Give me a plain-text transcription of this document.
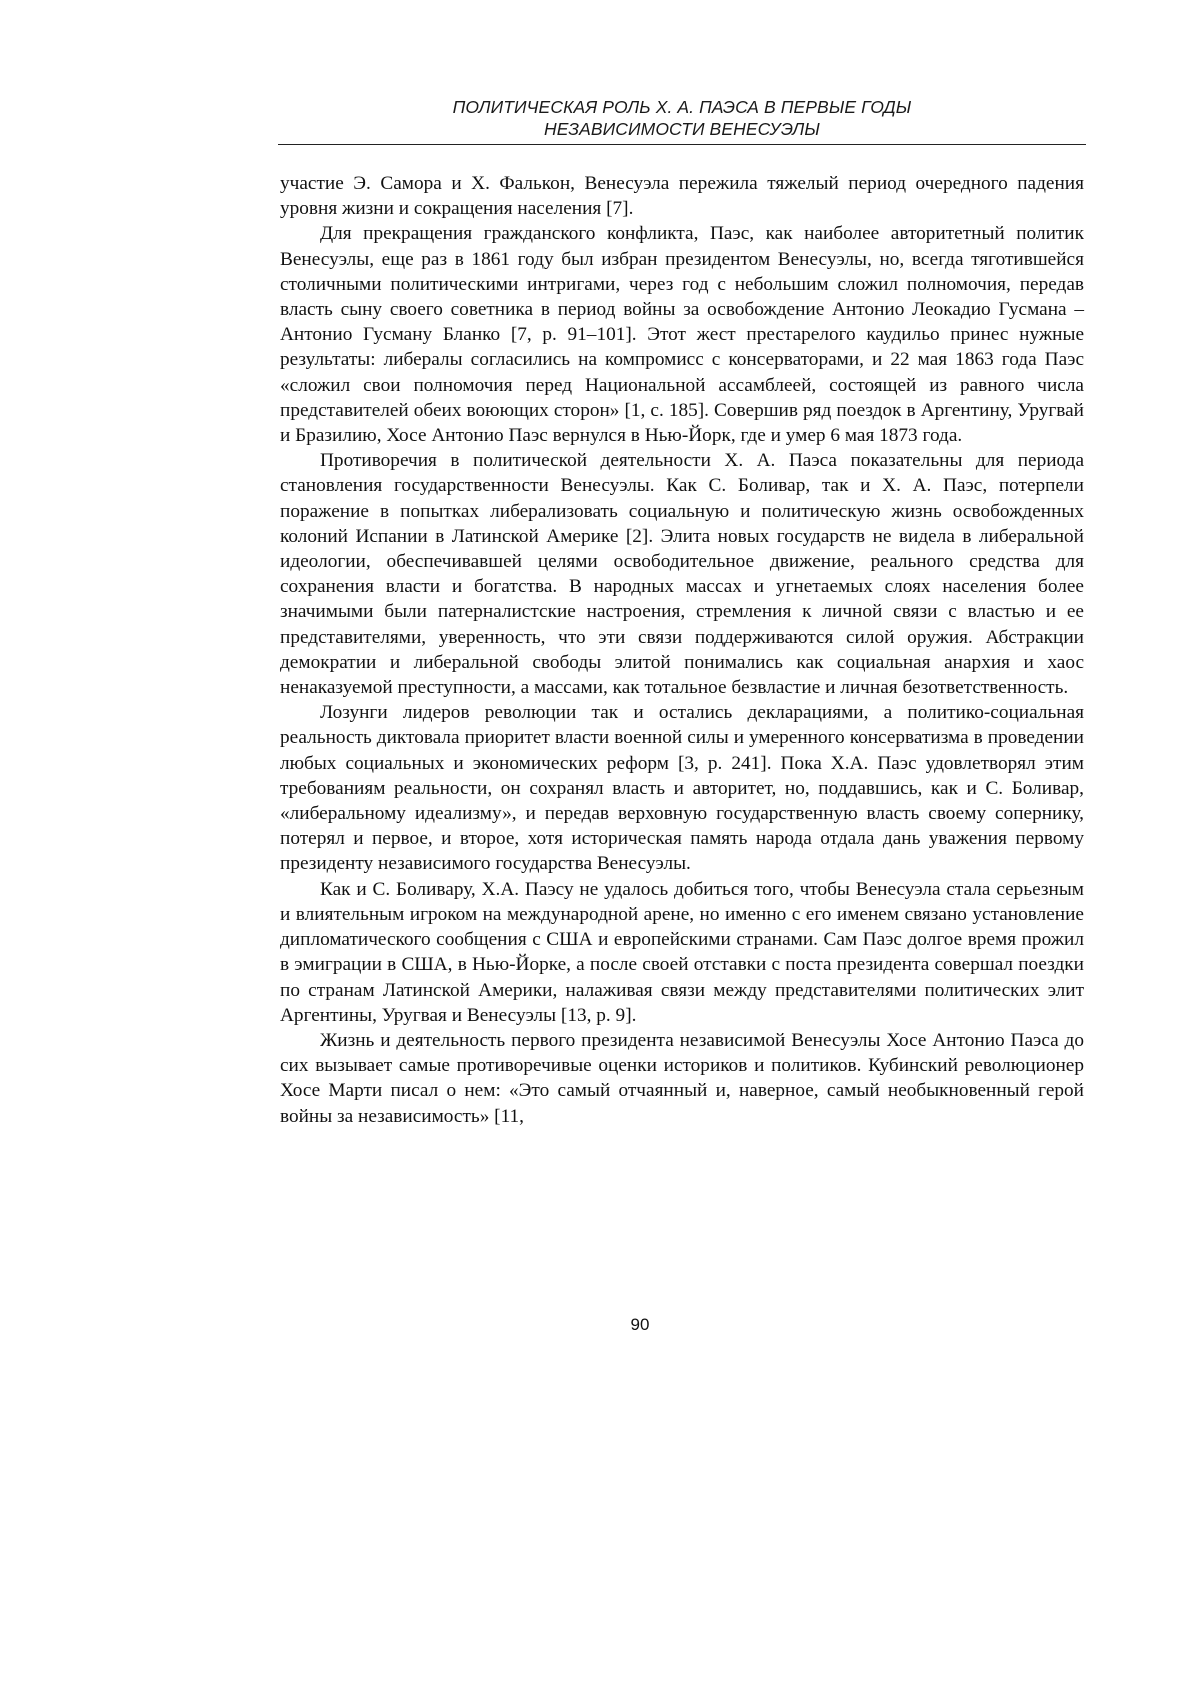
ПОЛИТИЧЕСКАЯ РОЛЬ Х. А. ПАЭСА В ПЕРВЫЕ ГОДЫ
НЕЗАВИСИМОСТИ ВЕНЕСУЭЛЫ

участие Э. Самора и Х. Фалькон, Венесуэла пережила тяжелый период очередного падения уровня жизни и сокращения населения [7].

Для прекращения гражданского конфликта, Паэс, как наиболее авторитетный политик Венесуэлы, еще раз в 1861 году был избран президентом Венесуэлы, но, всегда тяготившейся столичными политическими интригами, через год с небольшим сложил полномочия, передав власть сыну своего советника в период войны за освобождение Антонио Леокадио Гусмана – Антонио Гусману Бланко [7, р. 91–101]. Этот жест престарелого каудильо принес нужные результаты: либералы согласились на компромисс с консерваторами, и 22 мая 1863 года Паэс «сложил свои полномочия перед Национальной ассамблеей, состоящей из равного числа представителей обеих воюющих сторон» [1, с. 185]. Совершив ряд поездок в Аргентину, Уругвай и Бразилию, Хосе Антонио Паэс вернулся в Нью-Йорк, где и умер 6 мая 1873 года.

Противоречия в политической деятельности Х. А. Паэса показательны для периода становления государственности Венесуэлы. Как С. Боливар, так и Х. А. Паэс, потерпели поражение в попытках либерализовать социальную и политическую жизнь освобожденных колоний Испании в Латинской Америке [2]. Элита новых государств не видела в либеральной идеологии, обеспечивавшей целями освободительное движение, реального средства для сохранения власти и богатства. В народных массах и угнетаемых слоях населения более значимыми были патерналистские настроения, стремления к личной связи с властью и ее представителями, уверенность, что эти связи поддерживаются силой оружия. Абстракции демократии и либеральной свободы элитой понимались как социальная анархия и хаос ненаказуемой преступности, а массами, как тотальное безвластие и личная безответственность.

Лозунги лидеров революции так и остались декларациями, а политико-социальная реальность диктовала приоритет власти военной силы и умеренного консерватизма в проведении любых социальных и экономических реформ [3, р. 241]. Пока Х.А. Паэс удовлетворял этим требованиям реальности, он сохранял власть и авторитет, но, поддавшись, как и С. Боливар, «либеральному идеализму», и передав верховную государственную власть своему сопернику, потерял и первое, и второе, хотя историческая память народа отдала дань уважения первому президенту независимого государства Венесуэлы.

Как и С. Боливару, Х.А. Паэсу не удалось добиться того, чтобы Венесуэла стала серьезным и влиятельным игроком на международной арене, но именно с его именем связано установление дипломатического сообщения с США и европейскими странами. Сам Паэс долгое время прожил в эмиграции в США, в Нью-Йорке, а после своей отставки с поста президента совершал поездки по странам Латинской Америки, налаживая связи между представителями политических элит Аргентины, Уругвая и Венесуэлы [13, р. 9].

Жизнь и деятельность первого президента независимой Венесуэлы Хосе Антонио Паэса до сих вызывает самые противоречивые оценки историков и политиков. Кубинский революционер Хосе Марти писал о нем: «Это самый отчаянный и, наверное, самый необыкновенный герой войны за независимость» [11,

90
